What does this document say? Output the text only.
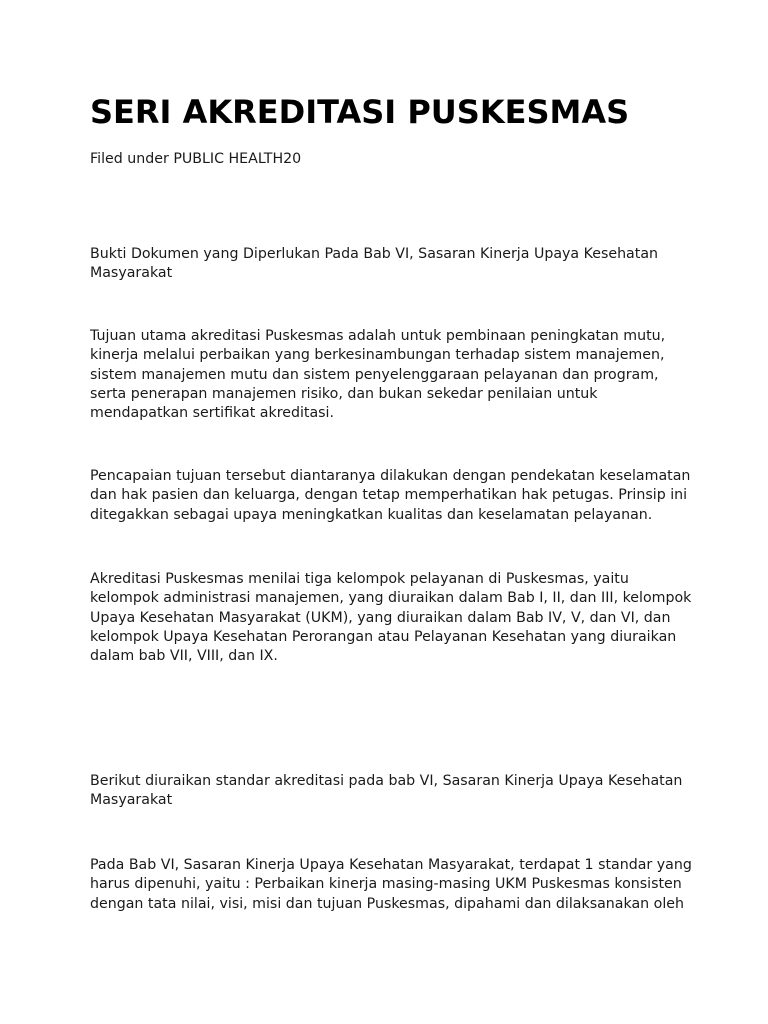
SERI AKREDITASI PUSKESMAS

Filed under PUBLIC HEALTH20

Bukti Dokumen yang Diperlukan Pada Bab VI, Sasaran Kinerja Upaya Kesehatan
Masyarakat

Tujuan utama akreditasi Puskesmas adalah untuk pembinaan peningkatan mutu,
kinerja melalui perbaikan yang berkesinambungan terhadap sistem manajemen,
sistem manajemen mutu dan sistem penyelenggaraan pelayanan dan program,
serta penerapan manajemen risiko, dan bukan sekedar penilaian untuk
mendapatkan sertifikat akreditasi.

Pencapaian tujuan tersebut diantaranya dilakukan dengan pendekatan keselamatan
dan hak pasien dan keluarga, dengan tetap memperhatikan hak petugas. Prinsip ini
ditegakkan sebagai upaya meningkatkan kualitas dan keselamatan pelayanan.

Akreditasi Puskesmas menilai tiga kelompok pelayanan di Puskesmas, yaitu
kelompok administrasi manajemen, yang diuraikan dalam Bab I, II, dan III, kelompok
Upaya Kesehatan Masyarakat (UKM), yang diuraikan dalam Bab IV, V, dan VI, dan
kelompok Upaya Kesehatan Perorangan atau Pelayanan Kesehatan yang diuraikan
dalam bab VII, VIII, dan IX.

Berikut diuraikan standar akreditasi pada bab VI, Sasaran Kinerja Upaya Kesehatan
Masyarakat

Pada Bab VI, Sasaran Kinerja Upaya Kesehatan Masyarakat, terdapat 1 standar yang
harus dipenuhi, yaitu : Perbaikan kinerja masing-masing UKM Puskesmas konsisten
dengan tata nilai, visi, misi dan tujuan Puskesmas, dipahami dan dilaksanakan oleh
